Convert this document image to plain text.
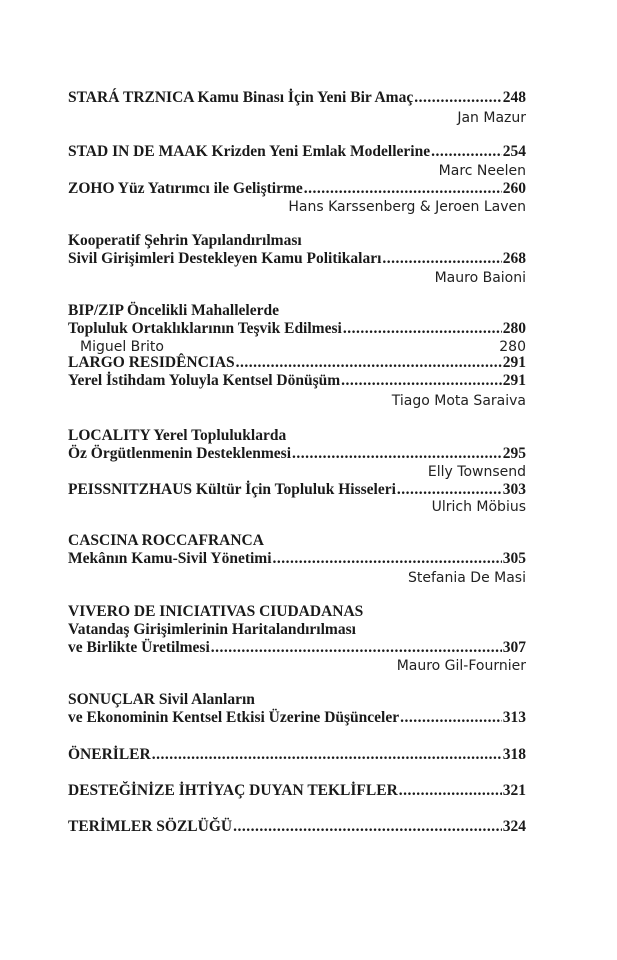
STARÁ TRZNICA Kamu Binası İçin Yeni Bir Amaç .....	248
Jan Mazur
STAD IN DE MAAK Krizden Yeni Emlak Modellerine .....	254
Marc Neelen
ZOHO Yüz Yatırımcı ile Geliştirme .....	260
Hans Karssenberg & Jeroen Laven
Kooperatif Şehrin Yapılandırılması
Sivil Girişimleri Destekleyen Kamu Politikaları .....	268
Mauro Baioni
BIP/ZIP Öncelikli Mahallelerde
Topluluk Ortaklıklarının Teşvik Edilmesi .....	280
Miguel Brito	280
LARGO RESIDÊNCIAS .....	291
Yerel İstihdam Yoluyla Kentsel Dönüşüm .....	291
Tiago Mota Saraiva
LOCALITY Yerel Topluluklarda
Öz Örgütlenmenin Desteklenmesi .....	295
Elly Townsend
PEISSNITZHAUS Kültür İçin Topluluk Hisseleri .....	303
Ulrich Möbius
CASCINA ROCCAFRANCA
Mekânın Kamu-Sivil Yönetimi .....	305
Stefania De Masi
VIVERO DE INICIATIVAS CIUDADANAS
Vatandaş Girişimlerinin Haritalandırılması
ve Birlikte Üretilmesi .....	307
Mauro Gil-Fournier
SONUÇLAR Sivil Alanların
ve Ekonominin Kentsel Etkisi Üzerine Düşünceler .....	313
ÖNERİLER .....	318
DESTEĞİNİZE İHTİYAÇ DUYAN TEKLİFLER .....	321
TERİMLER SÖZLÜĞÜ .....	324
